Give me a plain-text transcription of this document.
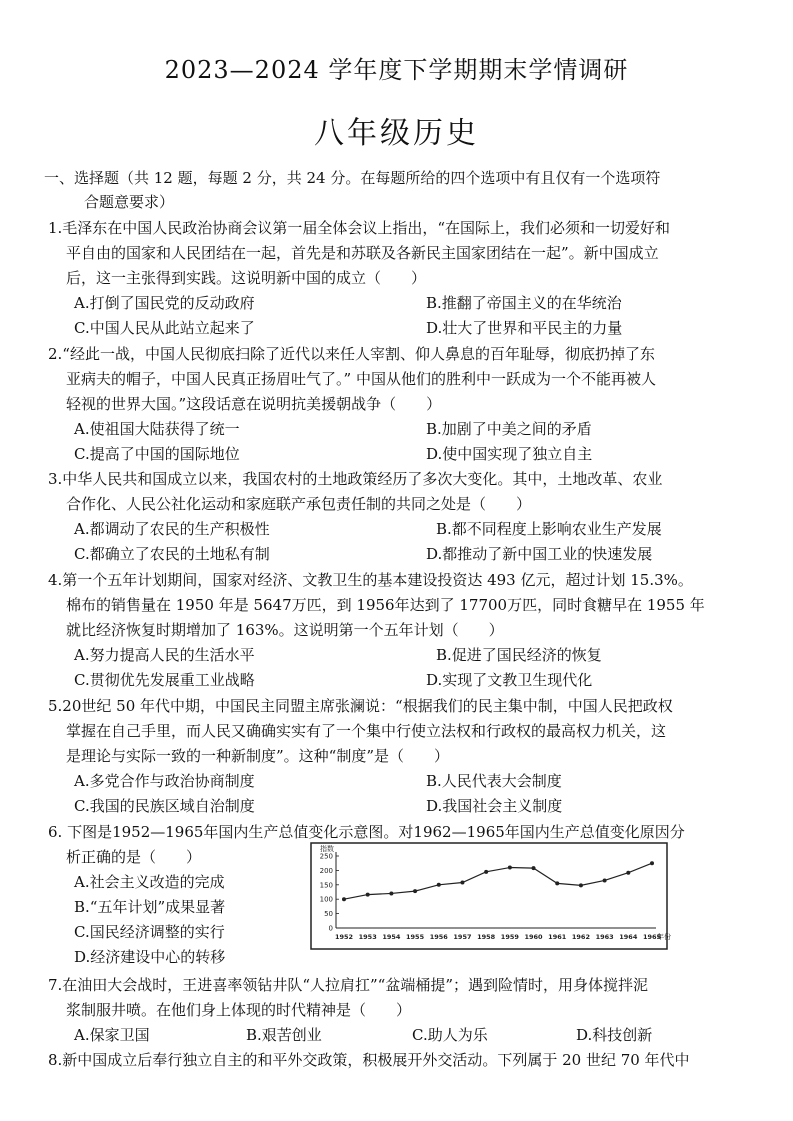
2023—2024 学年度下学期期末学情调研
八年级历史
一、选择题（共 12 题，每题 2 分，共 24 分。在每题所给的四个选项中有且仅有一个选项符
合题意要求）

1.毛泽东在中国人民政治协商会议第一届全体会议上指出，“在国际上，我们必须和一切爱好和

平自由的国家和人民团结在一起，首先是和苏联及各新民主国家团结在一起”。新中国成立

后，这一主张得到实践。这说明新中国的成立（　　）

A.打倒了国民党的反动政府	B.推翻了帝国主义的在华统治
C.中国人民从此站立起来了	D.壮大了世界和平民主的力量

2.“经此一战，中国人民彻底扫除了近代以来任人宰割、仰人鼻息的百年耻辱，彻底扔掉了东

亚病夫的帽子，中国人民真正扬眉吐气了。” 中国从他们的胜利中一跃成为一个不能再被人

轻视的世界大国。”这段话意在说明抗美援朝战争（　　）

A.使祖国大陆获得了统一	B.加剧了中美之间的矛盾
C.提高了中国的国际地位	D.使中国实现了独立自主

3.中华人民共和国成立以来，我国农村的土地政策经历了多次大变化。其中，土地改革、农业

合作化、人民公社化运动和家庭联产承包责任制的共同之处是（　　）

A.都调动了农民的生产积极性	B.都不同程度上影响农业生产发展
C.都确立了农民的土地私有制	D.都推动了新中国工业的快速发展

4.第一个五年计划期间，国家对经济、文教卫生的基本建设投资达 493 亿元，超过计划 15.3%。

棉布的销售量在 1950 年是 5647万匹，到 1956年达到了 17700万匹，同时食糖早在 1955 年

就比经济恢复时期增加了 163%。这说明第一个五年计划（　　）

A.努力提高人民的生活水平	B.促进了国民经济的恢复
C.贯彻优先发展重工业战略	D.实现了文教卫生现代化

5.20世纪 50 年代中期，中国民主同盟主席张澜说：“根据我们的民主集中制，中国人民把政权

掌握在自己手里，而人民又确确实实有了一个集中行使立法权和行政权的最高权力机关，这

是理论与实际一致的一种新制度”。这种“制度”是（　　）

A.多党合作与政治协商制度	B.人民代表大会制度
C.我国的民族区域自治制度	D.我国社会主义制度

6. 下图是1952—1965年国内生产总值变化示意图。对1962—1965年国内生产总值变化原因分

析正确的是（　　）

A.社会主义改造的完成
B.“五年计划”成果显著
C.国民经济调整的实行
D.经济建设中心的转移
指数
0
50
100
150
200
250
1952 1953 1954 1955 1956 1957 1958 1959 1960 1961 1962 1963 1964 1965
年份

7.在油田大会战时，王进喜率领钻井队“人拉肩扛”“盆端桶提”；遇到险情时，用身体搅拌泥

浆制服井喷。在他们身上体现的时代精神是（　　）

A.保家卫国	B.艰苦创业	C.助人为乐	D.科技创新

8.新中国成立后奉行独立自主的和平外交政策，积极展开外交活动。下列属于 20 世纪 70 年代中
